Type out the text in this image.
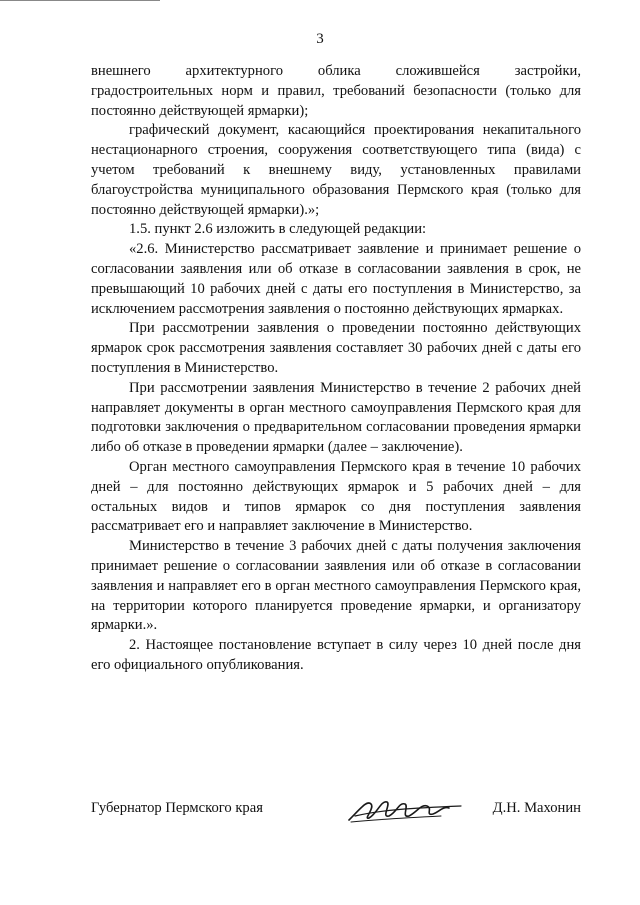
3

внешнего архитектурного облика сложившейся застройки, градостроительных норм и правил, требований безопасности (только для постоянно действующей ярмарки);

графический документ, касающийся проектирования некапитального нестационарного строения, сооружения соответствующего типа (вида) с учетом требований к внешнему виду, установленных правилами благоустройства муниципального образования Пермского края (только для постоянно действующей ярмарки).»;

1.5. пункт 2.6 изложить в следующей редакции:

«2.6. Министерство рассматривает заявление и принимает решение о согласовании заявления или об отказе в согласовании заявления в срок, не превышающий 10 рабочих дней с даты его поступления в Министерство, за исключением рассмотрения заявления о постоянно действующих ярмарках.

При рассмотрении заявления о проведении постоянно действующих ярмарок срок рассмотрения заявления составляет 30 рабочих дней с даты его поступления в Министерство.

При рассмотрении заявления Министерство в течение 2 рабочих дней направляет документы в орган местного самоуправления Пермского края для подготовки заключения о предварительном согласовании проведения ярмарки либо об отказе в проведении ярмарки (далее – заключение).

Орган местного самоуправления Пермского края в течение 10 рабочих дней – для постоянно действующих ярмарок и 5 рабочих дней – для остальных видов и типов ярмарок со дня поступления заявления рассматривает его и направляет заключение в Министерство.

Министерство в течение 3 рабочих дней с даты получения заключения принимает решение о согласовании заявления или об отказе в согласовании заявления и направляет его в орган местного самоуправления Пермского края, на территории которого планируется проведение ярмарки, и организатору ярмарки.».

2. Настоящее постановление вступает в силу через 10 дней после дня его официального опубликования.

Губернатор Пермского края	Д.Н. Махонин
